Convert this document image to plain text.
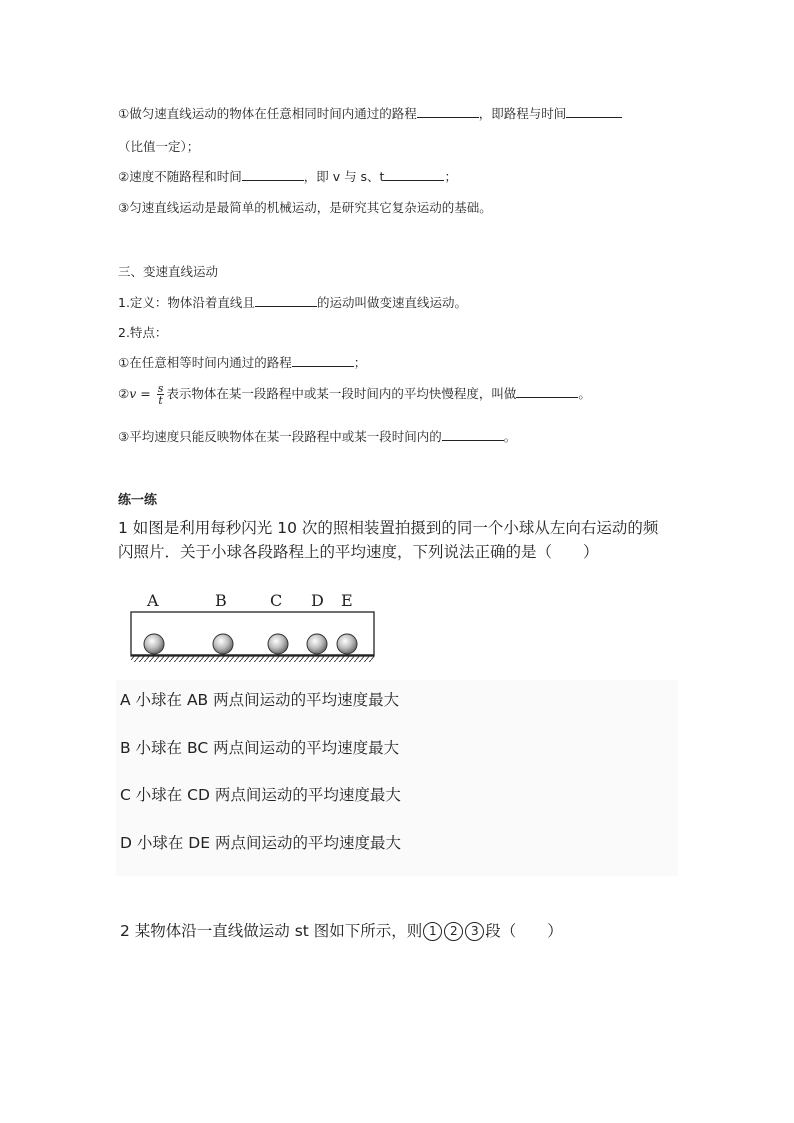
①做匀速直线运动的物体在任意相同时间内通过的路程	，即路程与时间
（比值一定）；
②速度不随路程和时间	，即 v 与 s、t	；
③匀速直线运动是最简单的机械运动，是研究其它复杂运动的基础。
三、变速直线运动
1.定义：物体沿着直线且	的运动叫做变速直线运动。
2.特点：
①在任意相等时间内通过的路程	；
②v = $\frac{s}{t}$ 表示物体在某一段路程中或某一段时间内的平均快慢程度，叫做	。
③平均速度只能反映物体在某一段路程中或某一段时间内的	。
练一练
1 如图是利用每秒闪光 10 次的照相装置拍摄到的同一个小球从左向右运动的频
闪照片．关于小球各段路程上的平均速度，下列说法正确的是（　　）
A	B	C D E
A 小球在 AB 两点间运动的平均速度最大
B 小球在 BC 两点间运动的平均速度最大
C 小球在 CD 两点间运动的平均速度最大
D 小球在 DE 两点间运动的平均速度最大
2 某物体沿一直线做运动 st 图如下所示，则 1 2 3 段（　　）
